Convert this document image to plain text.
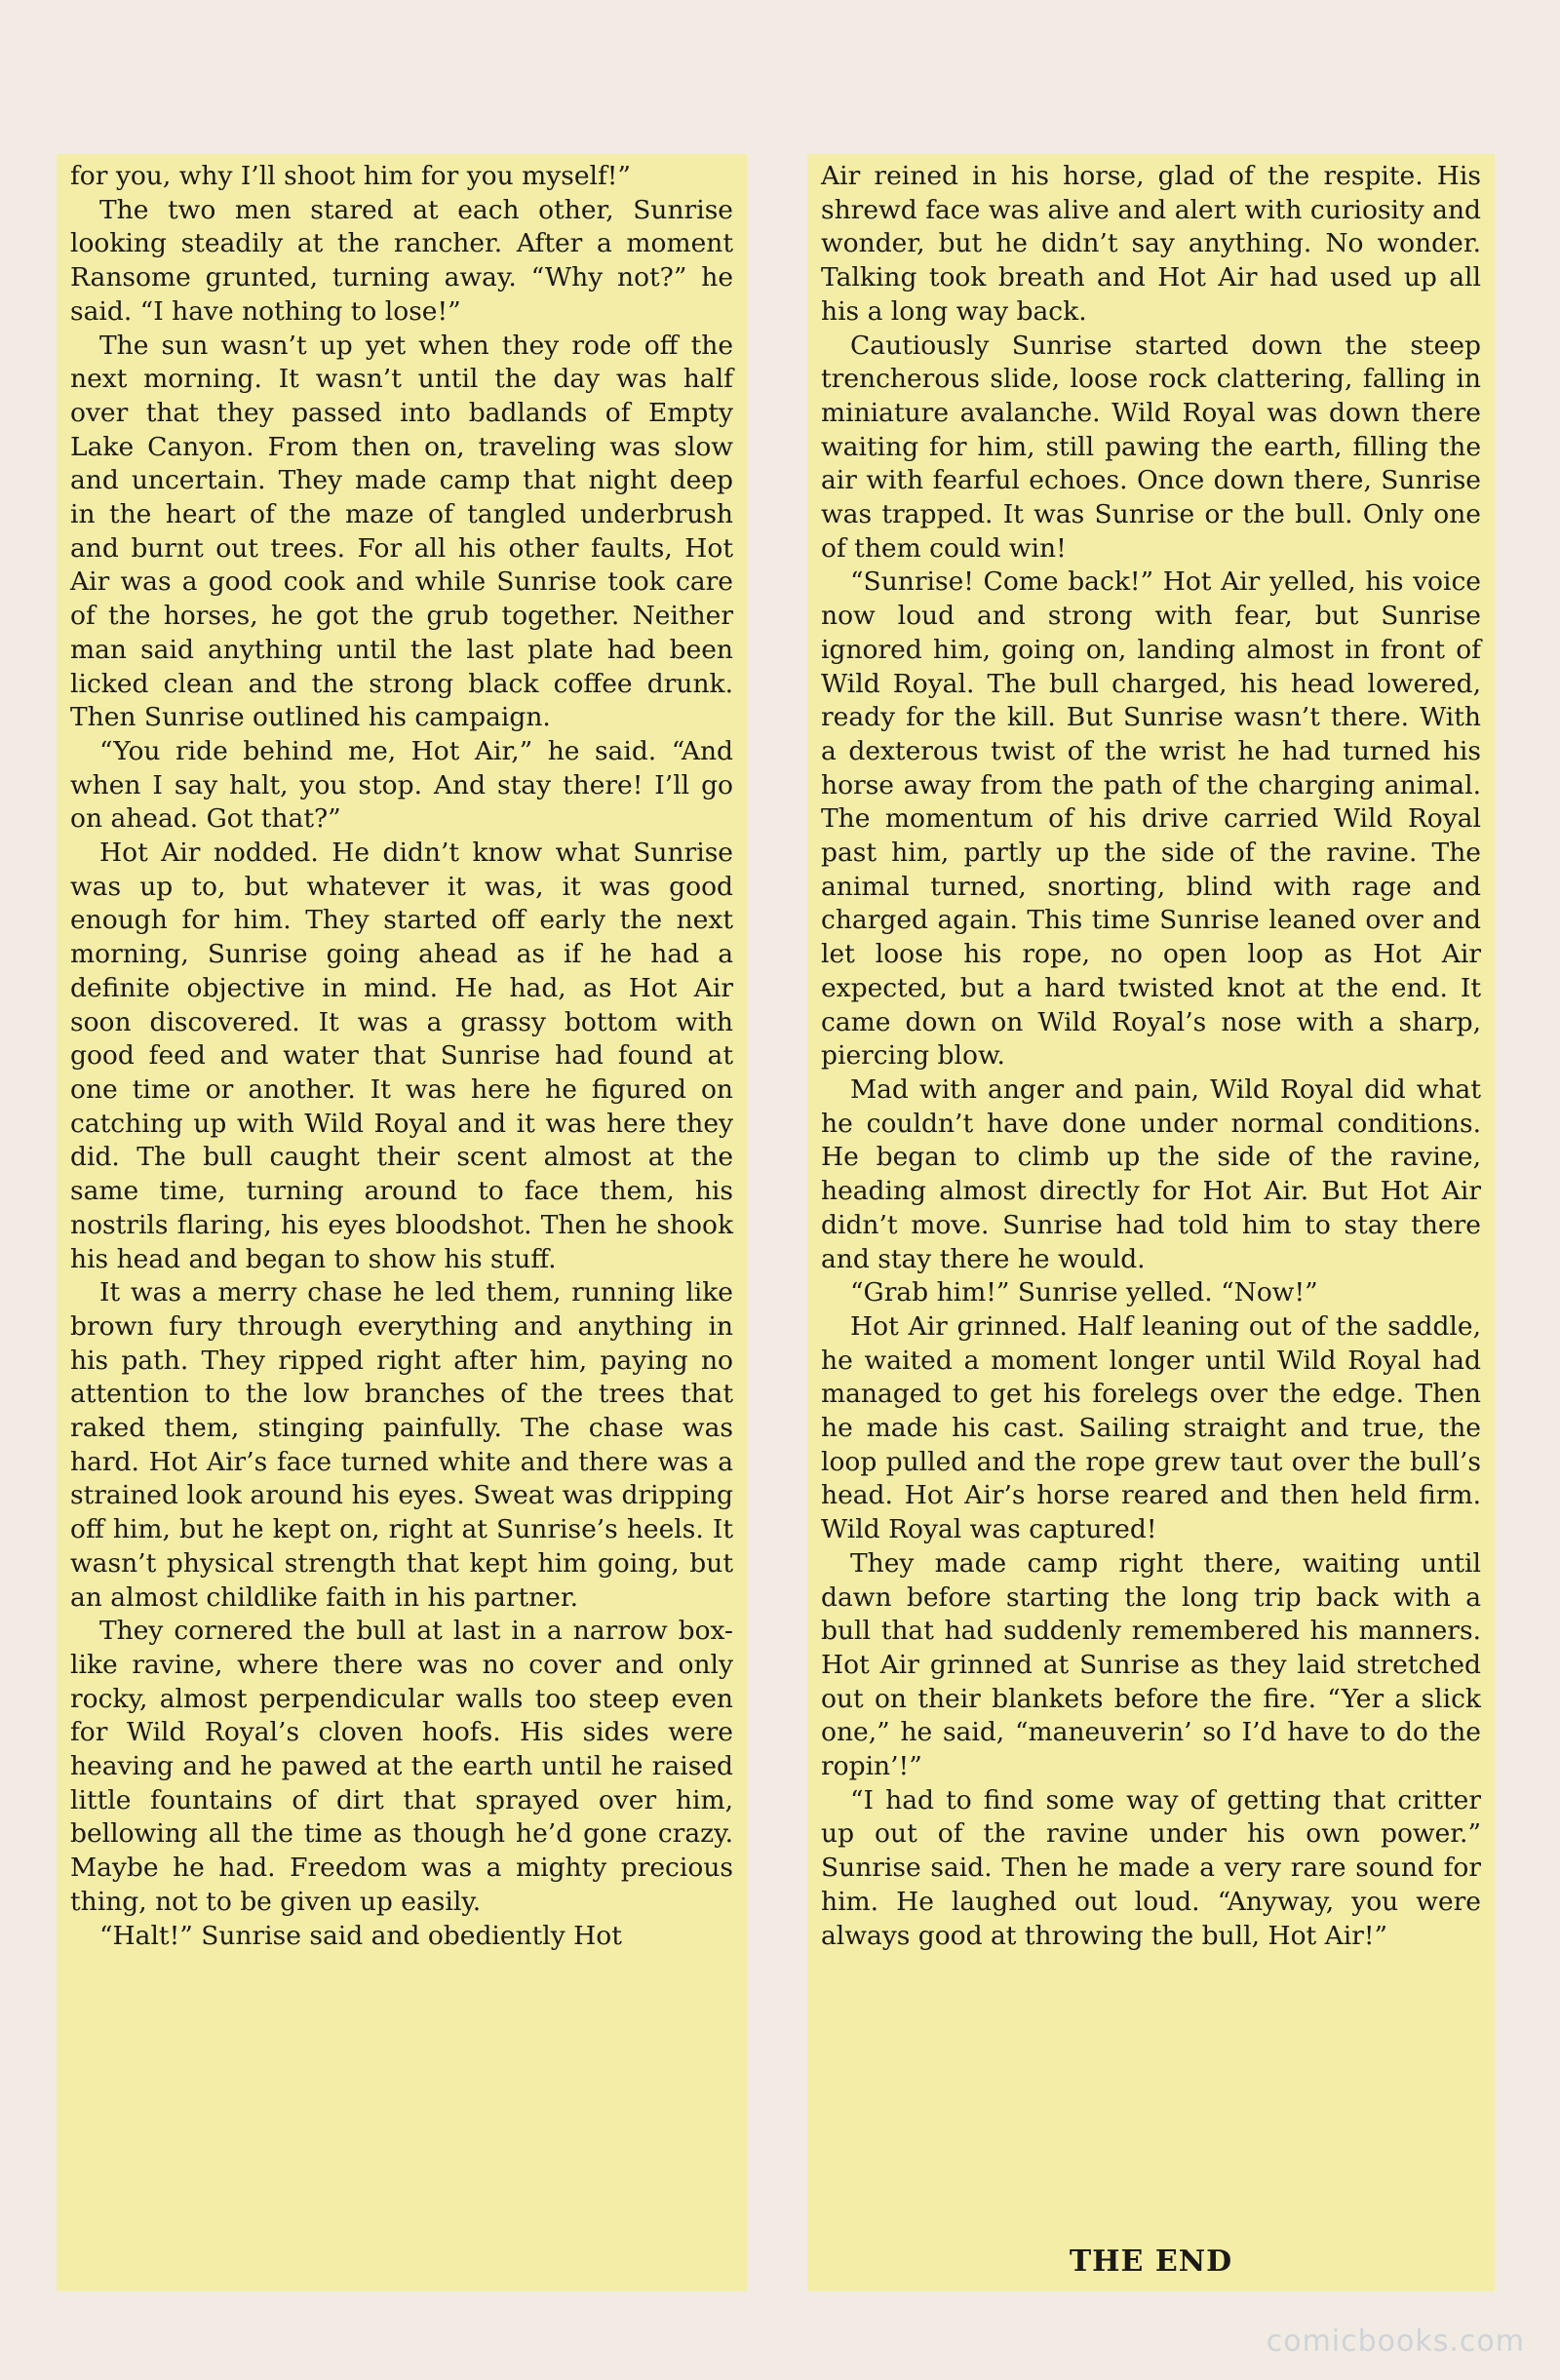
for you, why I’ll shoot him for you myself!”

The two men stared at each other, Sunrise looking steadily at the rancher. After a moment Ransome grunted, turning away. “Why not?” he said. “I have nothing to lose!”

The sun wasn’t up yet when they rode off the next morning. It wasn’t until the day was half over that they passed into badlands of Empty Lake Canyon. From then on, traveling was slow and uncertain. They made camp that night deep in the heart of the maze of tangled underbrush and burnt out trees. For all his other faults, Hot Air was a good cook and while Sunrise took care of the horses, he got the grub together. Neither man said anything until the last plate had been licked clean and the strong black coffee drunk. Then Sunrise outlined his campaign.

“You ride behind me, Hot Air,” he said. “And when I say halt, you stop. And stay there! I’ll go on ahead. Got that?”

Hot Air nodded. He didn’t know what Sunrise was up to, but whatever it was, it was good enough for him. They started off early the next morning, Sunrise going ahead as if he had a definite objective in mind. He had, as Hot Air soon discovered. It was a grassy bottom with good feed and water that Sunrise had found at one time or another. It was here he figured on catching up with Wild Royal and it was here they did. The bull caught their scent almost at the same time, turning around to face them, his nostrils flaring, his eyes bloodshot. Then he shook his head and began to show his stuff.

It was a merry chase he led them, running like brown fury through everything and anything in his path. They ripped right after him, paying no attention to the low branches of the trees that raked them, stinging painfully. The chase was hard. Hot Air’s face turned white and there was a strained look around his eyes. Sweat was dripping off him, but he kept on, right at Sunrise’s heels. It wasn’t physical strength that kept him going, but an almost childlike faith in his partner.

They cornered the bull at last in a narrow box-like ravine, where there was no cover and only rocky, almost perpendicular walls too steep even for Wild Royal’s cloven hoofs. His sides were heaving and he pawed at the earth until he raised little fountains of dirt that sprayed over him, bellowing all the time as though he’d gone crazy. Maybe he had. Freedom was a mighty precious thing, not to be given up easily.

“Halt!” Sunrise said and obediently Hot

Air reined in his horse, glad of the respite. His shrewd face was alive and alert with curiosity and wonder, but he didn’t say anything. No wonder. Talking took breath and Hot Air had used up all his a long way back.

Cautiously Sunrise started down the steep trencherous slide, loose rock clattering, falling in miniature avalanche. Wild Royal was down there waiting for him, still pawing the earth, filling the air with fearful echoes. Once down there, Sunrise was trapped. It was Sunrise or the bull. Only one of them could win!

“Sunrise! Come back!” Hot Air yelled, his voice now loud and strong with fear, but Sunrise ignored him, going on, landing almost in front of Wild Royal. The bull charged, his head lowered, ready for the kill. But Sunrise wasn’t there. With a dexterous twist of the wrist he had turned his horse away from the path of the charging animal. The momentum of his drive carried Wild Royal past him, partly up the side of the ravine. The animal turned, snorting, blind with rage and charged again. This time Sunrise leaned over and let loose his rope, no open loop as Hot Air expected, but a hard twisted knot at the end. It came down on Wild Royal’s nose with a sharp, piercing blow.

Mad with anger and pain, Wild Royal did what he couldn’t have done under normal conditions. He began to climb up the side of the ravine, heading almost directly for Hot Air. But Hot Air didn’t move. Sunrise had told him to stay there and stay there he would.

“Grab him!” Sunrise yelled. “Now!”

Hot Air grinned. Half leaning out of the saddle, he waited a moment longer until Wild Royal had managed to get his forelegs over the edge. Then he made his cast. Sailing straight and true, the loop pulled and the rope grew taut over the bull’s head. Hot Air’s horse reared and then held firm. Wild Royal was captured!

They made camp right there, waiting until dawn before starting the long trip back with a bull that had suddenly remembered his manners. Hot Air grinned at Sunrise as they laid stretched out on their blankets before the fire. “Yer a slick one,” he said, “maneuverin’ so I’d have to do the ropin’!”

“I had to find some way of getting that critter up out of the ravine under his own power.” Sunrise said. Then he made a very rare sound for him. He laughed out loud. “Anyway, you were always good at throwing the bull, Hot Air!”

THE END
comicbooks.com
